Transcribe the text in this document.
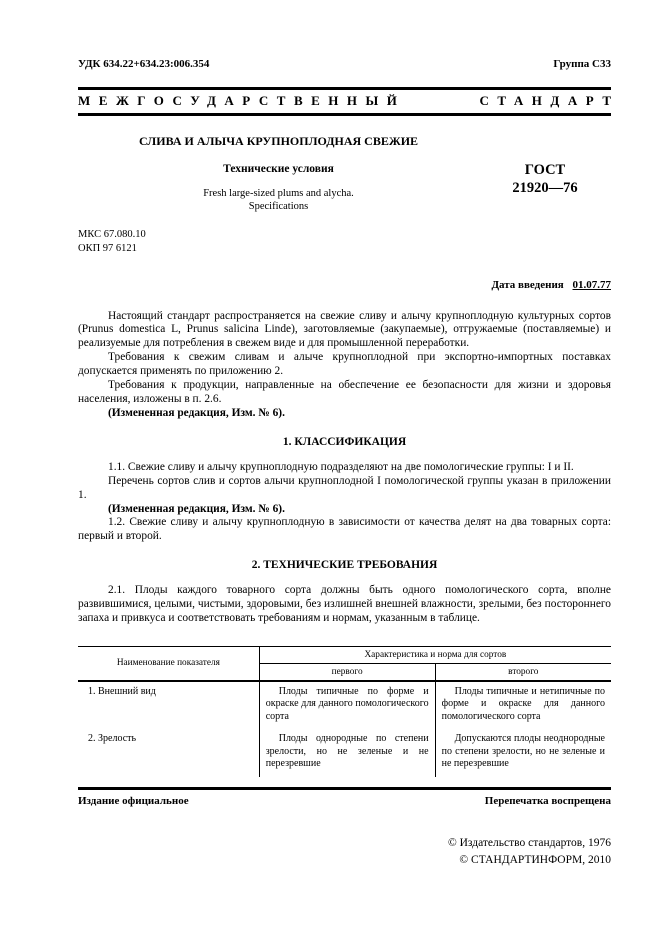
УДК 634.22+634.23:006.354	Группа С33
МЕЖГОСУДАРСТВЕННЫЙ	СТАНДАРТ
СЛИВА И АЛЫЧА КРУПНОПЛОДНАЯ СВЕЖИЕ
Технические условия
Fresh large-sized plums and alycha.
Specifications
ГОСТ
21920—76
МКС 67.080.10
ОКП 97 6121
Дата введения 01.07.77

Настоящий стандарт распространяется на свежие сливу и алычу крупноплодную культурных сортов (Prunus domestica L, Prunus salicina Linde), заготовляемые (закупаемые), отгружаемые (поставляемые) и реализуемые для потребления в свежем виде и для промышленной переработки.

Требования к свежим сливам и алыче крупноплодной при экспортно-импортных поставках допускается применять по приложению 2.

Требования к продукции, направленные на обеспечение ее безопасности для жизни и здоровья населения, изложены в п. 2.6.

(Измененная редакция, Изм. № 6).

1. КЛАССИФИКАЦИЯ

1.1. Свежие сливу и алычу крупноплодную подразделяют на две помологические группы: I и II.

Перечень сортов слив и сортов алычи крупноплодной I помологической группы указан в приложении 1.

(Измененная редакция, Изм. № 6).

1.2. Свежие сливу и алычу крупноплодную в зависимости от качества делят на два товарных сорта: первый и второй.

2. ТЕХНИЧЕСКИЕ ТРЕБОВАНИЯ

2.1. Плоды каждого товарного сорта должны быть одного помологического сорта, вполне развившимися, целыми, чистыми, здоровыми, без излишней внешней влажности, зрелыми, без постороннего запаха и привкуса и соответствовать требованиям и нормам, указанным в таблице.

Наименование показателя	Характеристика и норма для сортов	
	первого	второго
1. Внешний вид	Плоды типичные по форме и окраске для данного помологического сорта	Плоды типичные и нетипичные по форме и окраске для данного помологического сорта
2. Зрелость	Плоды однородные по степени зрелости, но не зеленые и не перезревшие	Допускаются плоды неоднородные по степени зрелости, но не зеленые и не перезревшие
Издание официальное	Перепечатка воспрещена
© Издательство стандартов, 1976
© СТАНДАРТИНФОРМ, 2010
